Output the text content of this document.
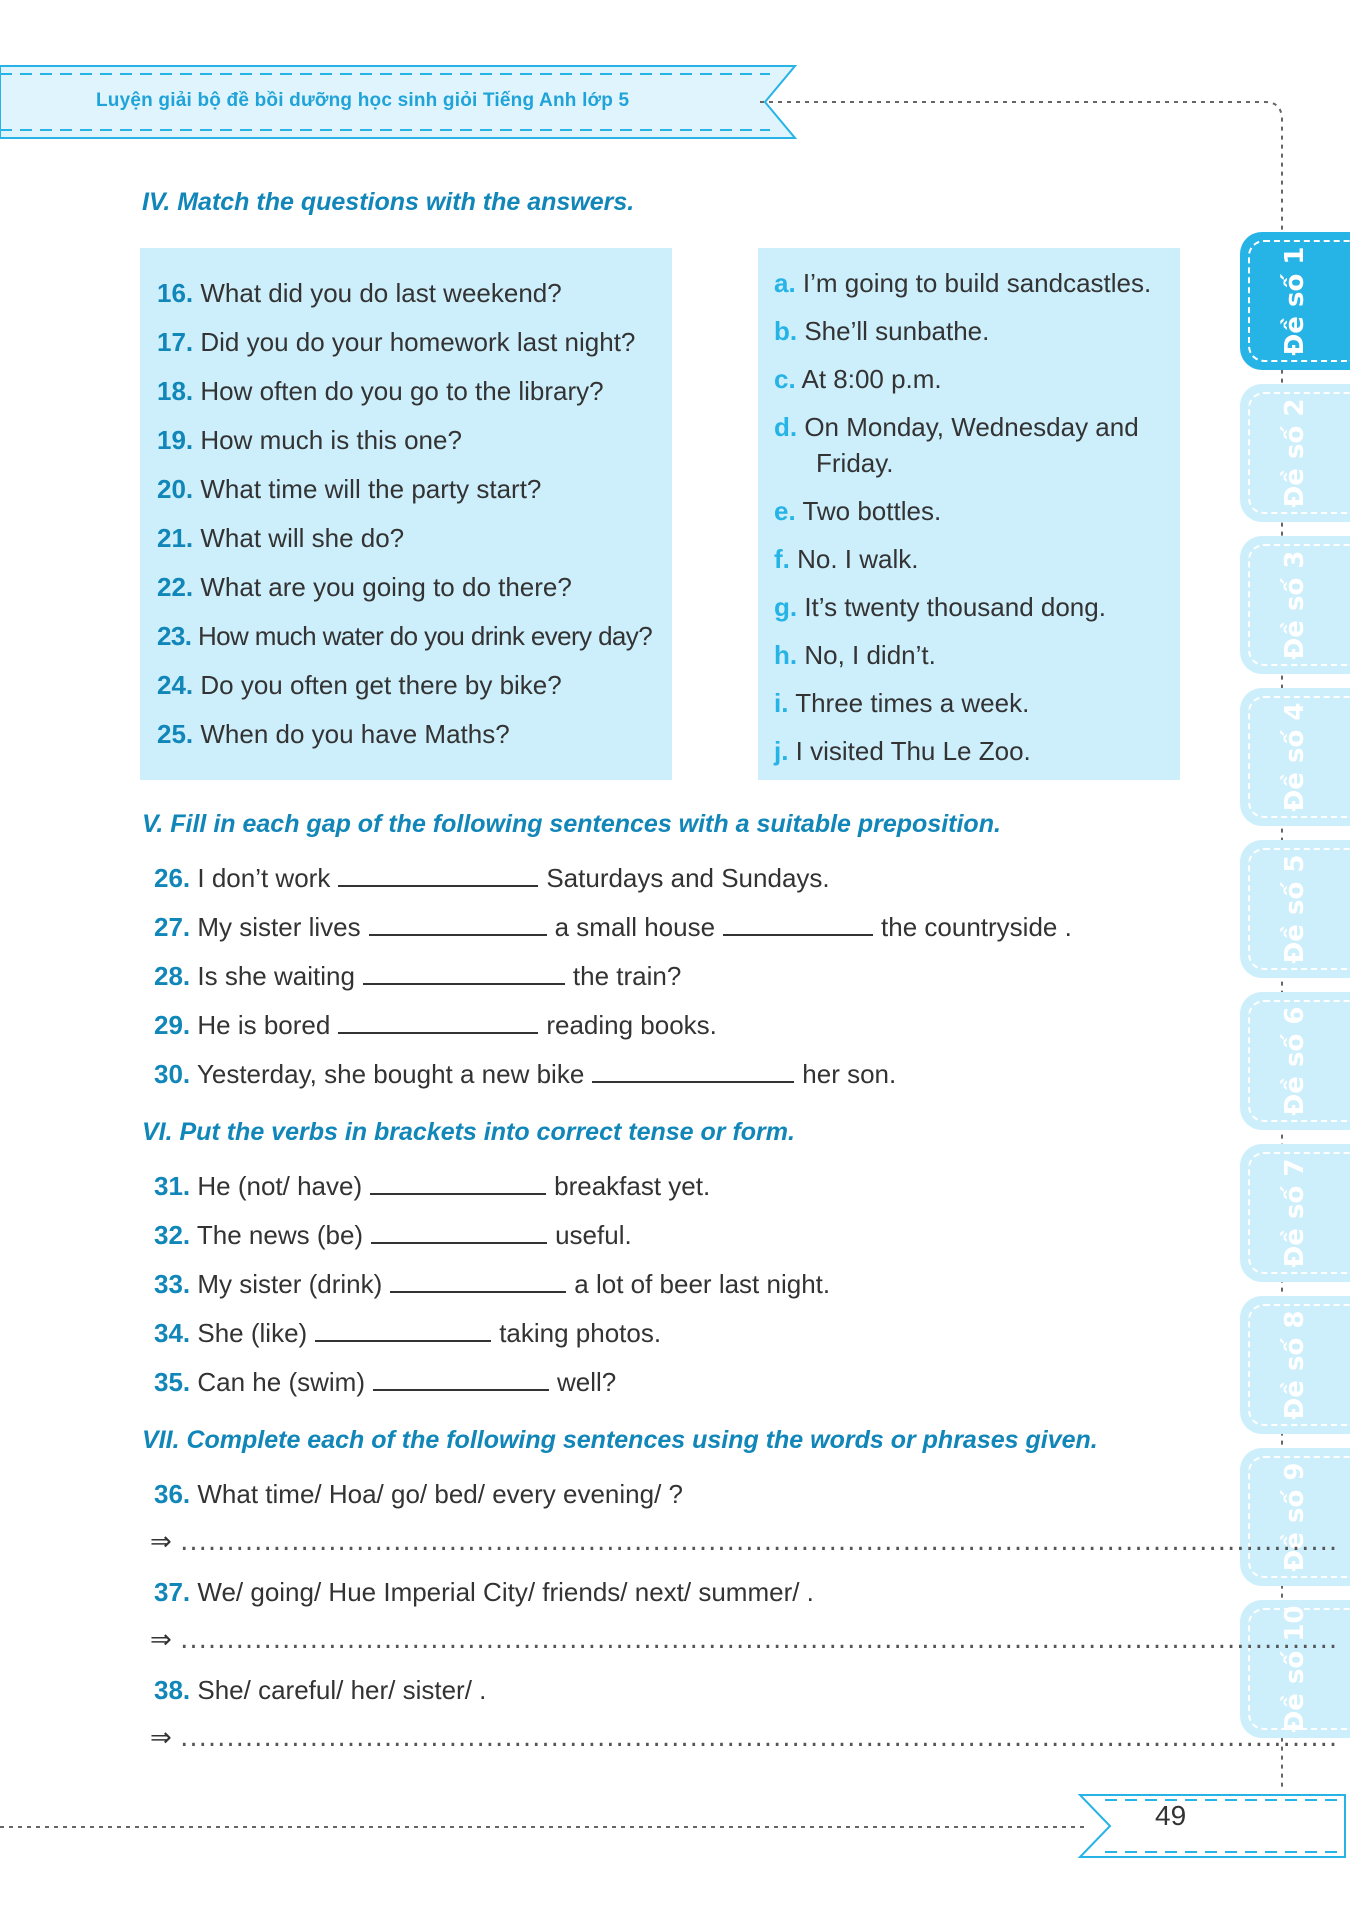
Luyện giải bộ đề bồi dưỡng học sinh giỏi Tiếng Anh lớp 5
49
Đề số 1
Đề số 2
Đề số 3
Đề số 4
Đề số 5
Đề số 6
Đề số 7
Đề số 8
Đề số 9
Đề số 10
IV. Match the questions with the answers.
16. What did you do last weekend?
17. Did you do your homework last night?
18. How often do you go to the library?
19. How much is this one?
20. What time will the party start?
21. What will she do?
22. What are you going to do there?
23. How much water do you drink every day?
24. Do you often get there by bike?
25. When do you have Maths?
a. I’m going to build sandcastles.
b. She’ll sunbathe.
c. At 8:00 p.m.
d. On Monday, Wednesday and
Friday.
e. Two bottles.
f. No. I walk.
g. It’s twenty thousand dong.
h. No, I didn’t.
i. Three times a week.
j. I visited Thu Le Zoo.
V. Fill in each gap of the following sentences with a suitable preposition.
26. I don’t work	Saturdays and Sundays.
27. My sister lives	a small house	the countryside .
28. Is she waiting	the train?
29. He is bored	reading books.
30. Yesterday, she bought a new bike	her son.
VI. Put the verbs in brackets into correct tense or form.
31. He (not/ have)	breakfast yet.
32. The news (be)	useful.
33. My sister (drink)	a lot of beer last night.
34. She (like)	taking photos.
35. Can he (swim)	well?
VII. Complete each of the following sentences using the words or phrases given.
36. What time/ Hoa/ go/ bed/ every evening/ ?
⇒ .............................................................................................................................
37. We/ going/ Hue Imperial City/ friends/ next/ summer/ .
⇒ .............................................................................................................................
38. She/ careful/ her/ sister/ .
⇒ .............................................................................................................................
